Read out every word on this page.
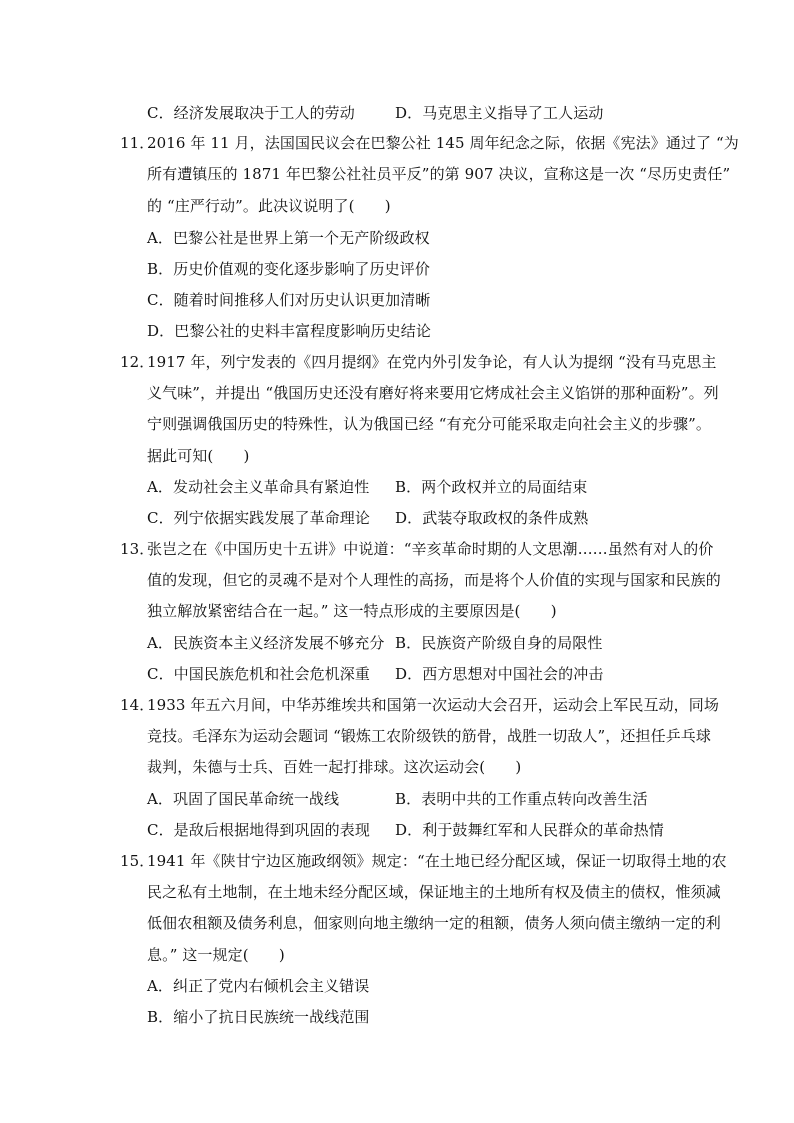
C．经济发展取决于工人的劳动	D．马克思主义指导了工人运动
11．2016 年 11 月，法国国民议会在巴黎公社 145 周年纪念之际，依据《宪法》通过了 “为
所有遭镇压的 1871 年巴黎公社社员平反”的第 907 决议，宣称这是一次 “尽历史责任”
的 “庄严行动”。此决议说明了(　　)
A．巴黎公社是世界上第一个无产阶级政权
B．历史价值观的变化逐步影响了历史评价
C．随着时间推移人们对历史认识更加清晰
D．巴黎公社的史料丰富程度影响历史结论
12．1917 年，列宁发表的《四月提纲》在党内外引发争论，有人认为提纲 “没有马克思主
义气味”，并提出 “俄国历史还没有磨好将来要用它烤成社会主义馅饼的那种面粉”。列
宁则强调俄国历史的特殊性，认为俄国已经 “有充分可能采取走向社会主义的步骤”。
据此可知(　　)
A．发动社会主义革命具有紧迫性 B．两个政权并立的局面结束
C．列宁依据实践发展了革命理论 D．武装夺取政权的条件成熟
13．张岂之在《中国历史十五讲》中说道：“辛亥革命时期的人文思潮……虽然有对人的价
值的发现，但它的灵魂不是对个人理性的高扬，而是将个人价值的实现与国家和民族的
独立解放紧密结合在一起。” 这一特点形成的主要原因是(　　)
A．民族资本主义经济发展不够充分 B．民族资产阶级自身的局限性
C．中国民族危机和社会危机深重 D．西方思想对中国社会的冲击
14．1933 年五六月间，中华苏维埃共和国第一次运动大会召开，运动会上军民互动，同场
竞技。毛泽东为运动会题词 “锻炼工农阶级铁的筋骨，战胜一切敌人”，还担任乒乓球
裁判，朱德与士兵、百姓一起打排球。这次运动会(　　)
A．巩固了国民革命统一战线	B．表明中共的工作重点转向改善生活
C．是敌后根据地得到巩固的表现 D．利于鼓舞红军和人民群众的革命热情
15．1941 年《陕甘宁边区施政纲领》规定：“在土地已经分配区域，保证一切取得土地的农
民之私有土地制，在土地未经分配区域，保证地主的土地所有权及债主的债权，惟须减
低佃农租额及债务利息，佃家则向地主缴纳一定的租额，债务人须向债主缴纳一定的利
息。” 这一规定(　　)
A．纠正了党内右倾机会主义错误
B．缩小了抗日民族统一战线范围
